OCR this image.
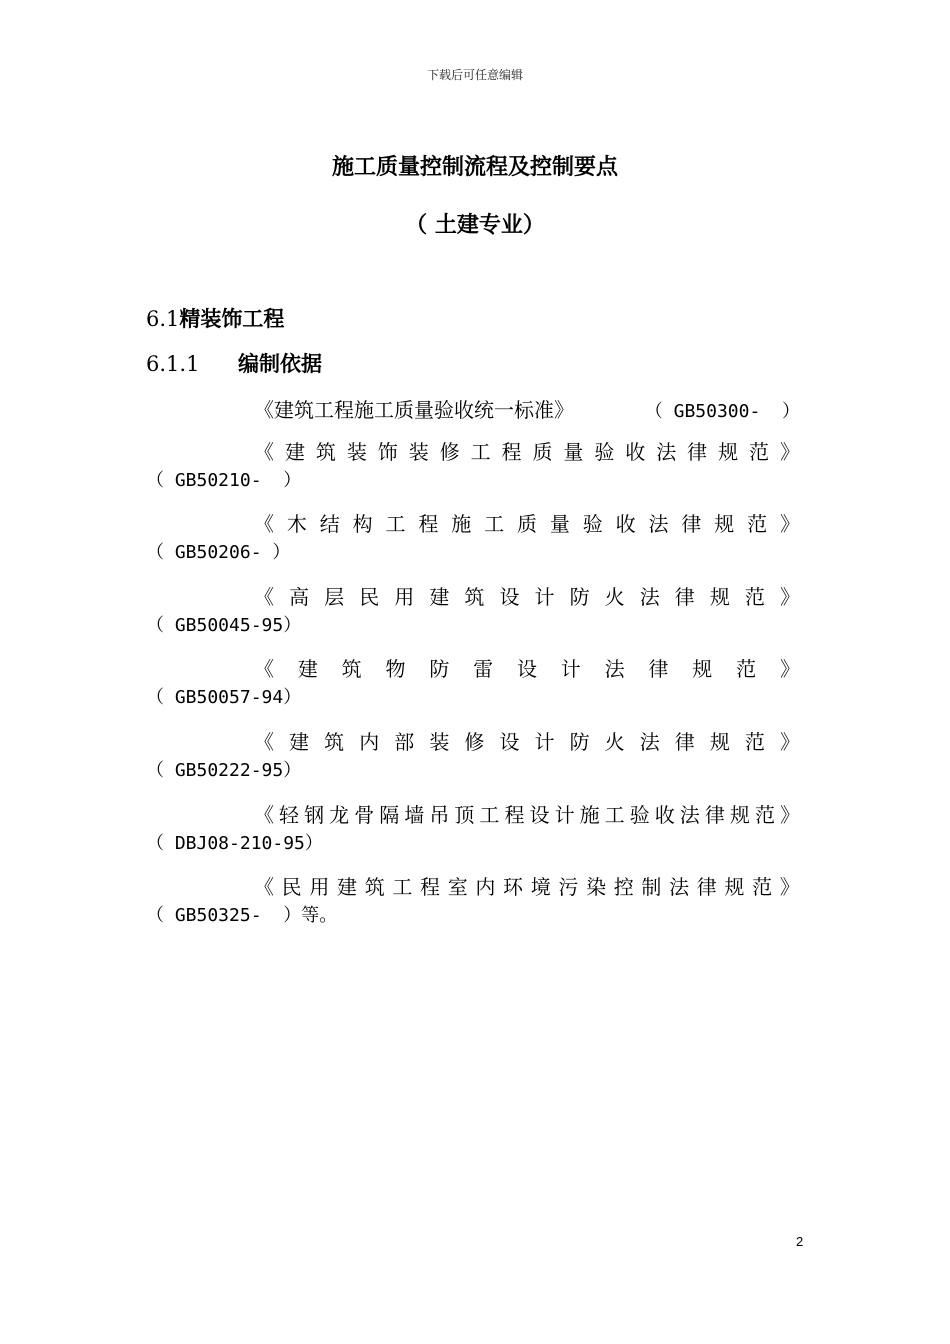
下载后可任意编辑
施工质量控制流程及控制要点
（ 土建专业）
6.1精装饰工程
6.1.1 编制依据
《建筑工程施工质量验收统一标准》	（ GB50300-  ）
《 建 筑 装 饰 装 修 工 程 质 量 验 收 法 律 规 范 》
（ GB50210-  ）
《 木 结 构 工 程 施 工 质 量 验 收 法 律 规 范 》
（ GB50206- ）
《 高 层 民 用 建 筑 设 计 防 火 法 律 规 范 》
（ GB50045-95）
《 建 筑 物 防 雷 设 计 法 律 规 范 》
（ GB50057-94）
《 建 筑 内 部 装 修 设 计 防 火 法 律 规 范 》
（ GB50222-95）
《 轻 钢 龙 骨 隔 墙 吊 顶 工 程 设 计 施 工 验 收 法 律 规 范 》
（ DBJ08-210-95）
《 民 用 建 筑 工 程 室 内 环 境 污 染 控 制 法 律 规 范 》
（ GB50325-  ）等。
2
